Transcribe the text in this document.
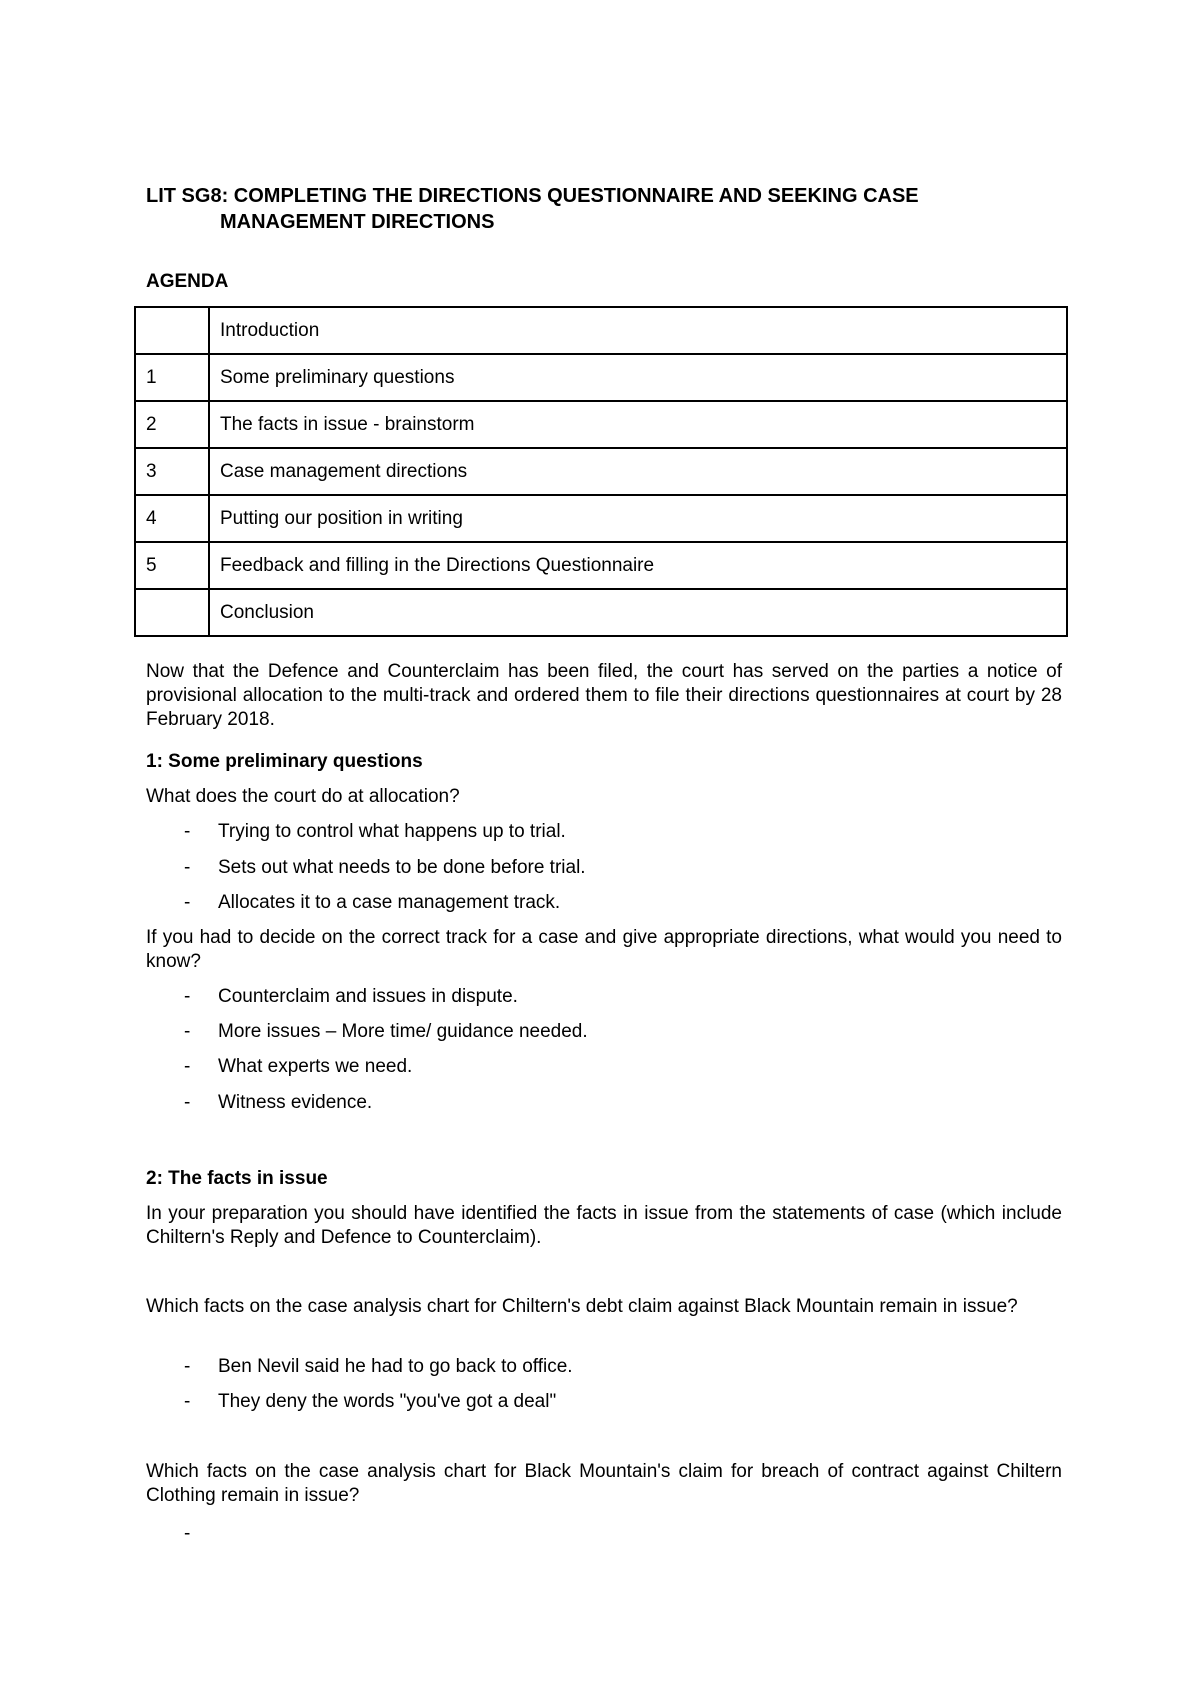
LIT SG8: COMPLETING THE DIRECTIONS QUESTIONNAIRE AND SEEKING CASE
MANAGEMENT DIRECTIONS
AGENDA
	Introduction
1	Some preliminary questions
2	The facts in issue - brainstorm
3	Case management directions
4	Putting our position in writing
5	Feedback and filling in the Directions Questionnaire
	Conclusion
Now that the Defence and Counterclaim has been filed, the court has served on the parties a notice of provisional allocation to the multi-track and ordered them to file their directions questionnaires at court by 28 February 2018.
1: Some preliminary questions
What does the court do at allocation?
- Trying to control what happens up to trial.
- Sets out what needs to be done before trial.
- Allocates it to a case management track.
If you had to decide on the correct track for a case and give appropriate directions, what would you need to know?
- Counterclaim and issues in dispute.
- More issues – More time/ guidance needed.
- What experts we need.
- Witness evidence.
2: The facts in issue
In your preparation you should have identified the facts in issue from the statements of case (which include Chiltern's Reply and Defence to Counterclaim).
Which facts on the case analysis chart for Chiltern's debt claim against Black Mountain remain in issue?
- Ben Nevil said he had to go back to office.
- They deny the words "you've got a deal"
Which facts on the case analysis chart for Black Mountain's claim for breach of contract against Chiltern Clothing remain in issue?
-
